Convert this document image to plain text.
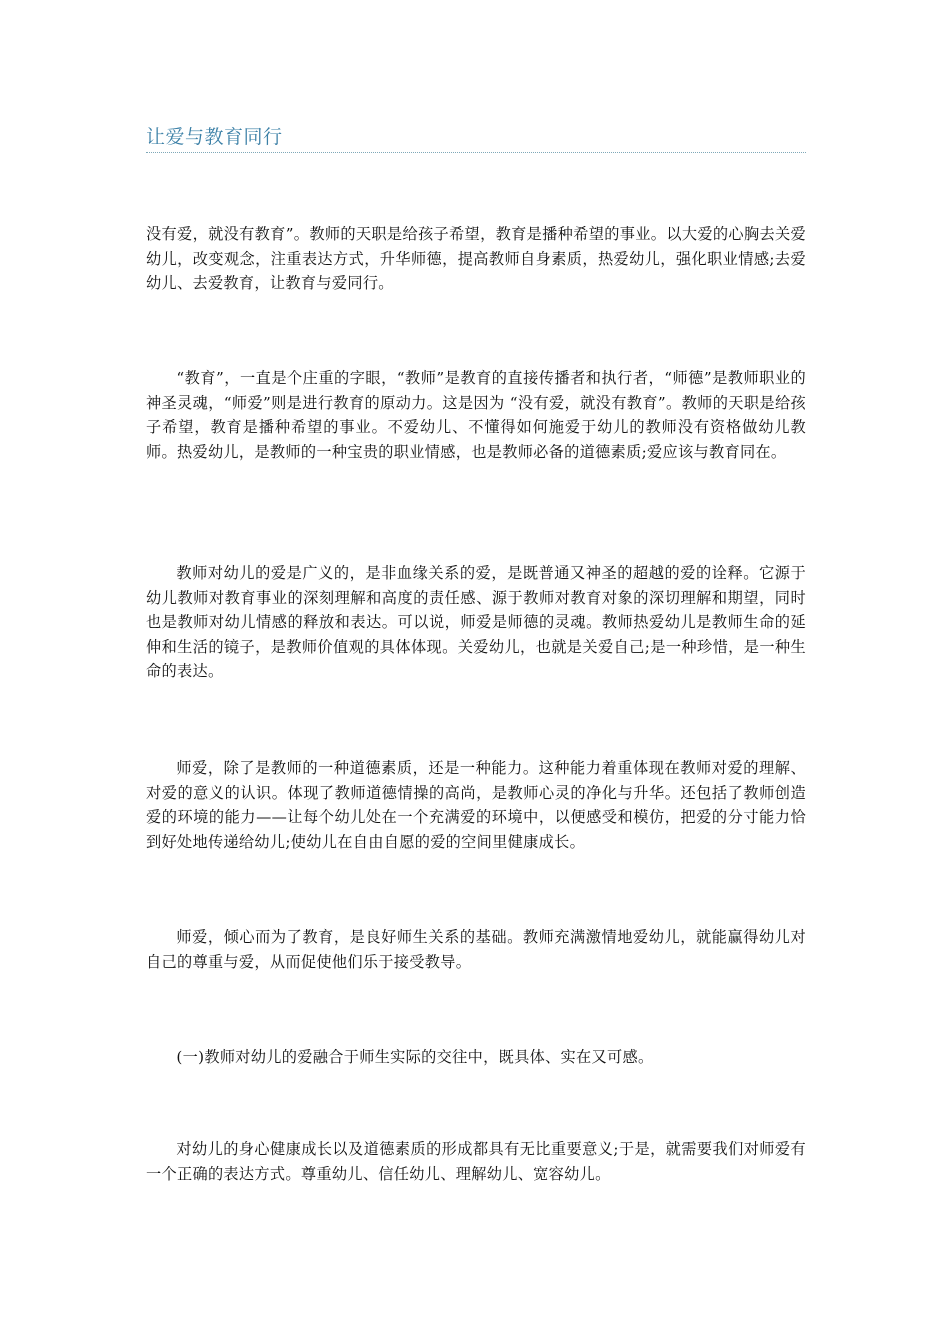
让爱与教育同行

没有爱，就没有教育”。教师的天职是给孩子希望，教育是播种希望的事业。以大爱的心胸去关爱幼儿，改变观念，注重表达方式，升华师德，提高教师自身素质，热爱幼儿，强化职业情感;去爱幼儿、去爱教育，让教育与爱同行。

“教育”，一直是个庄重的字眼，“教师”是教育的直接传播者和执行者，“师德”是教师职业的神圣灵魂，“师爱”则是进行教育的原动力。这是因为 “没有爱，就没有教育”。教师的天职是给孩子希望，教育是播种希望的事业。不爱幼儿、不懂得如何施爱于幼儿的教师没有资格做幼儿教师。热爱幼儿，是教师的一种宝贵的职业情感，也是教师必备的道德素质;爱应该与教育同在。

教师对幼儿的爱是广义的，是非血缘关系的爱，是既普通又神圣的超越的爱的诠释。它源于幼儿教师对教育事业的深刻理解和高度的责任感、源于教师对教育对象的深切理解和期望，同时也是教师对幼儿情感的释放和表达。可以说，师爱是师德的灵魂。教师热爱幼儿是教师生命的延伸和生活的镜子，是教师价值观的具体体现。关爱幼儿，也就是关爱自己;是一种珍惜，是一种生命的表达。

师爱，除了是教师的一种道德素质，还是一种能力。这种能力着重体现在教师对爱的理解、对爱的意义的认识。体现了教师道德情操的高尚，是教师心灵的净化与升华。还包括了教师创造爱的环境的能力——让每个幼儿处在一个充满爱的环境中，以便感受和模仿，把爱的分寸能力恰到好处地传递给幼儿;使幼儿在自由自愿的爱的空间里健康成长。

师爱，倾心而为了教育，是良好师生关系的基础。教师充满激情地爱幼儿，就能赢得幼儿对自己的尊重与爱，从而促使他们乐于接受教导。

(一)教师对幼儿的爱融合于师生实际的交往中，既具体、实在又可感。

对幼儿的身心健康成长以及道德素质的形成都具有无比重要意义;于是，就需要我们对师爱有一个正确的表达方式。尊重幼儿、信任幼儿、理解幼儿、宽容幼儿。
